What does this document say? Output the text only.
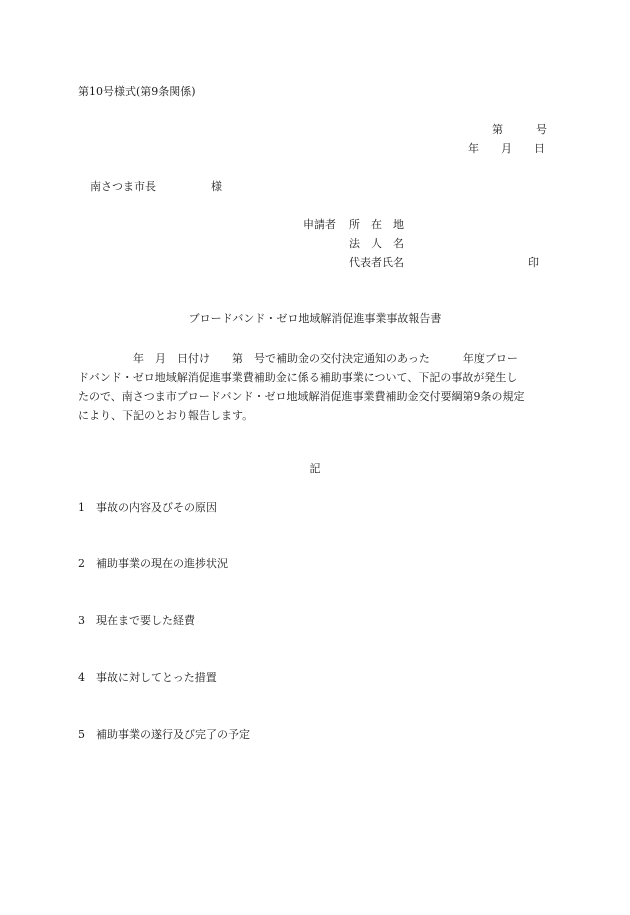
第10号様式(第9条関係)
第　　　号
年　　月　　日
南さつま市長　　　　　様
申請者 所　在　地
法　人　名
代表者氏名	印
ブロードバンド・ゼロ地域解消促進事業事故報告書
　　　　　年　月　日付け　　第　号で補助金の交付決定通知のあった　　　年度ブロー
ドバンド・ゼロ地域解消促進事業費補助金に係る補助事業について、下記の事故が発生し
たので、南さつま市ブロードバンド・ゼロ地域解消促進事業費補助金交付要綱第9条の規定
により、下記のとおり報告します。
記
1 事故の内容及びその原因
2 補助事業の現在の進捗状況
3 現在まで要した経費
4 事故に対してとった措置
5 補助事業の遂行及び完了の予定
